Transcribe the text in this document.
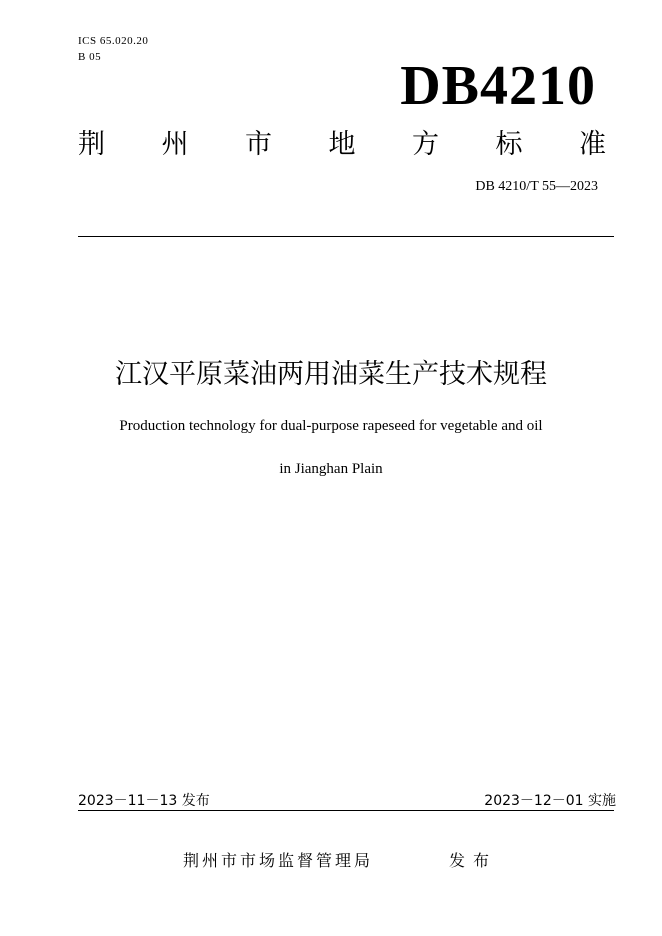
ICS 65.020.20
B 05	DB4210
荆 州 市 地 方 标 准
DB 4210/T 55—2023
江汉平原菜油两用油菜生产技术规程
Production technology for dual-purpose rapeseed for vegetable and oil
in Jianghan Plain
2023－11－13 发布	2023－12－01 实施
荆州市市场监督管理局	发布
